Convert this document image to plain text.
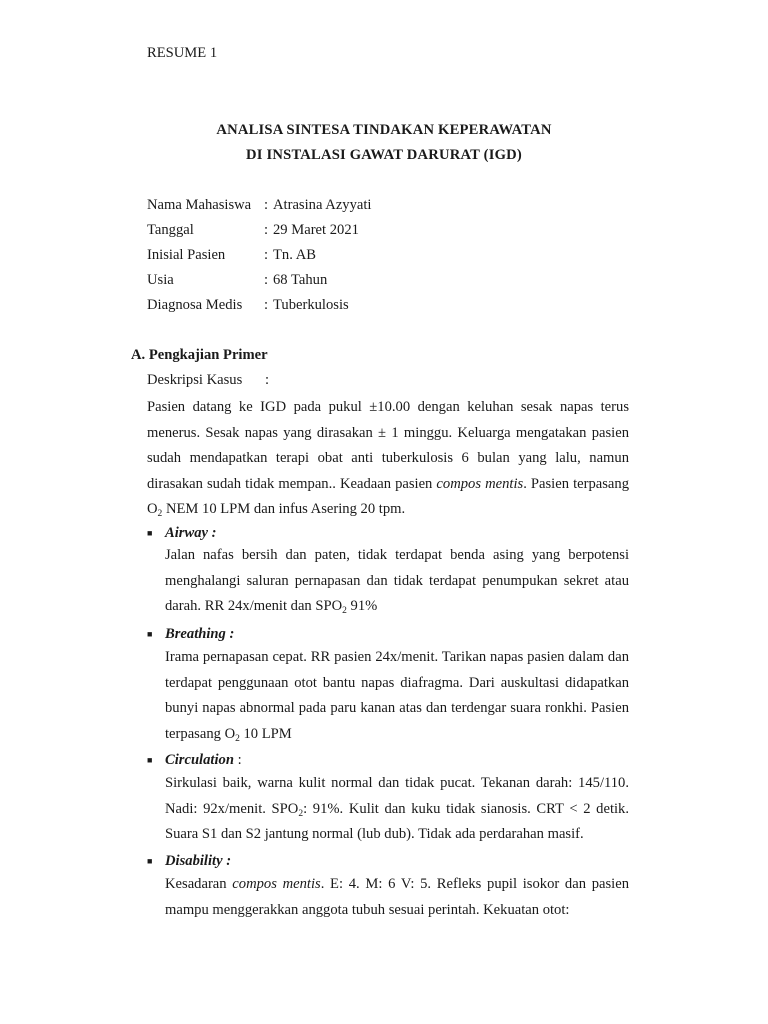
RESUME 1
ANALISA SINTESA TINDAKAN KEPERAWATAN
DI INSTALASI GAWAT DARURAT (IGD)
Nama Mahasiswa : Atrasina Azyyati
Tanggal	: 29 Maret 2021
Inisial Pasien	: Tn. AB
Usia	: 68 Tahun
Diagnosa Medis : Tuberkulosis
A. Pengkajian Primer
Deskripsi Kasus :
Pasien datang ke IGD pada pukul ±10.00 dengan keluhan sesak napas terus menerus. Sesak napas yang dirasakan ± 1 minggu. Keluarga mengatakan pasien sudah mendapatkan terapi obat anti tuberkulosis 6 bulan yang lalu, namun dirasakan sudah tidak mempan.. Keadaan pasien compos mentis. Pasien terpasang $O_2$ NEM 10 LPM dan infus Asering 20 tpm.
■ Airway :
Jalan nafas bersih dan paten, tidak terdapat benda asing yang berpotensi menghalangi saluran pernapasan dan tidak terdapat penumpukan sekret atau darah. RR 24x/menit dan $SPO_2$ 91%
■ Breathing :
Irama pernapasan cepat. RR pasien 24x/menit. Tarikan napas pasien dalam dan terdapat penggunaan otot bantu napas diafragma. Dari auskultasi didapatkan bunyi napas abnormal pada paru kanan atas dan terdengar suara ronkhi. Pasien terpasang $O_2$ 10 LPM
■ Circulation :
Sirkulasi baik, warna kulit normal dan tidak pucat. Tekanan darah: 145/110. Nadi: 92x/menit. $SPO_2$: 91%. Kulit dan kuku tidak sianosis. CRT < 2 detik. Suara S1 dan S2 jantung normal (lub dub). Tidak ada perdarahan masif.
■ Disability :
Kesadaran compos mentis. E: 4. M: 6 V: 5. Refleks pupil isokor dan pasien mampu menggerakkan anggota tubuh sesuai perintah. Kekuatan otot:
